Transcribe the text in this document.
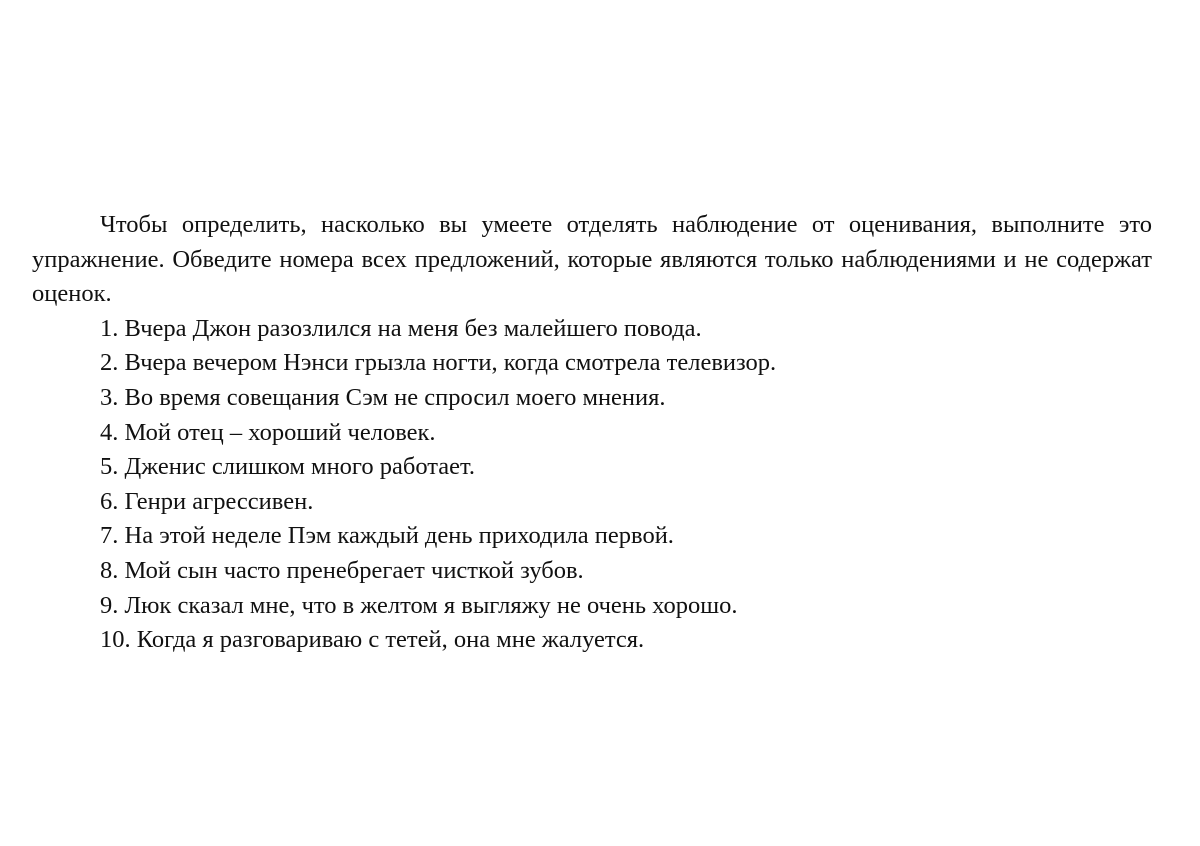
Чтобы определить, насколько вы умеете отделять наблюдение от оценивания, выполните это упражнение. Обведите номера всех предложений, которые являются только наблюдениями и не содержат оценок.

1. Вчера Джон разозлился на меня без малейшего повода.
2. Вчера вечером Нэнси грызла ногти, когда смотрела телевизор.
3. Во время совещания Сэм не спросил моего мнения.
4. Мой отец – хороший человек.
5. Дженис слишком много работает.
6. Генри агрессивен.
7. На этой неделе Пэм каждый день приходила первой.
8. Мой сын часто пренебрегает чисткой зубов.
9. Люк сказал мне, что в желтом я выгляжу не очень хорошо.
10. Когда я разговариваю с тетей, она мне жалуется.
